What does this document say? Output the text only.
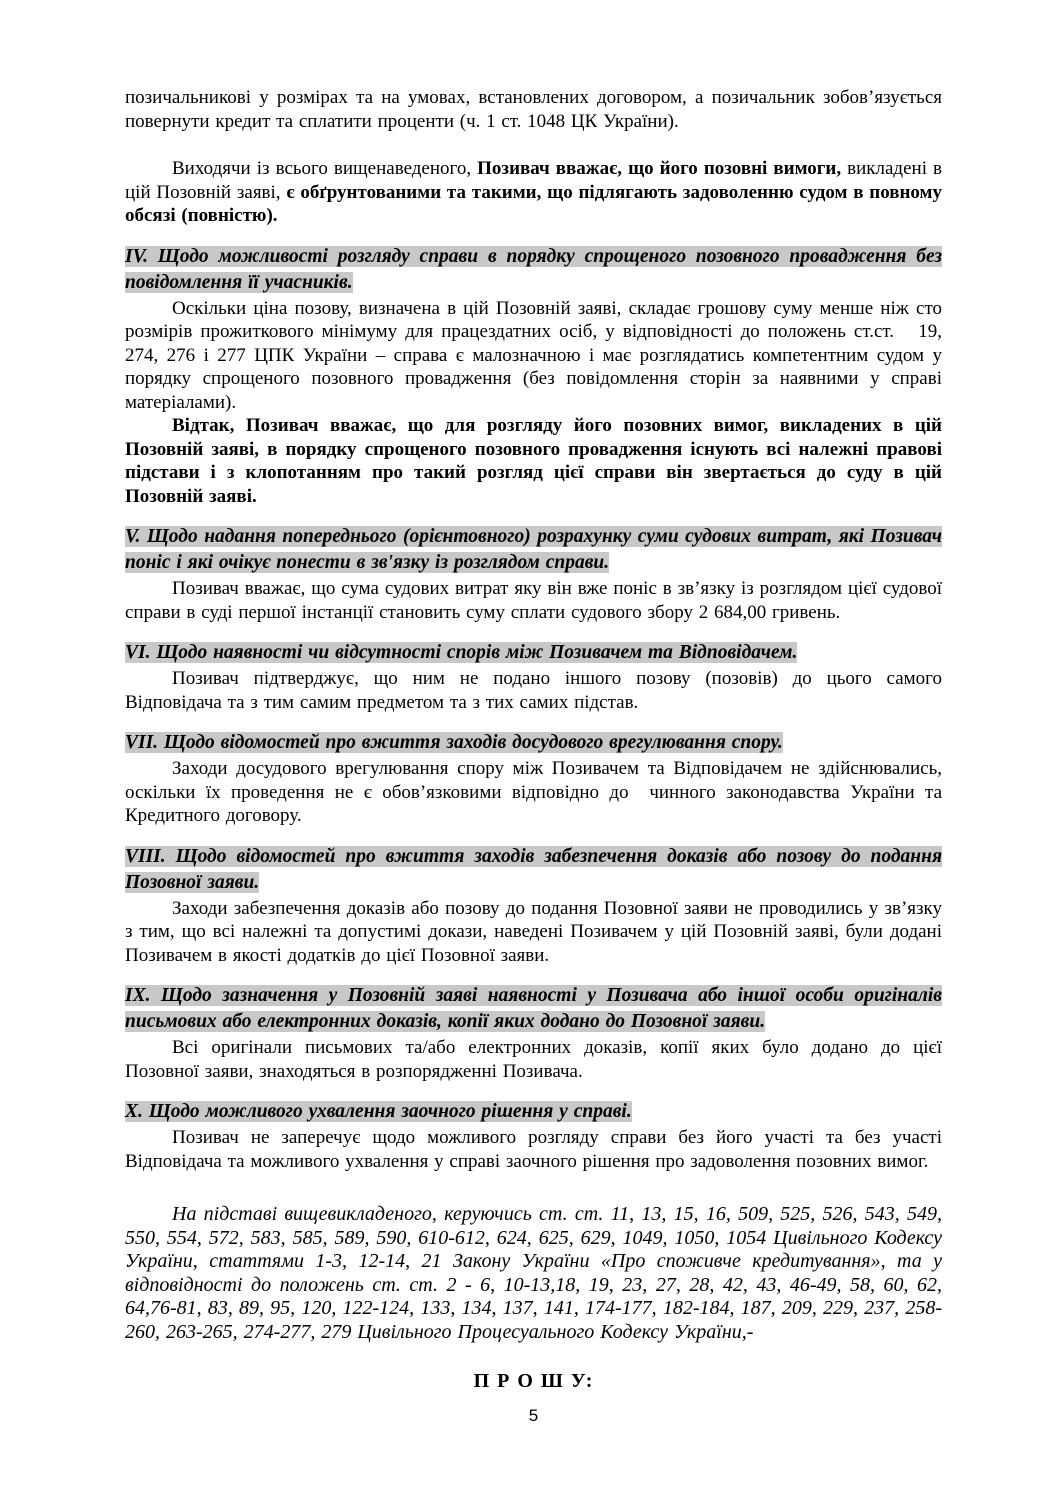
позичальникові у розмірах та на умовах, встановлених договором, а позичальник зобов’язується повернути кредит та сплатити проценти (ч. 1 ст. 1048 ЦК України).

Виходячи із всього вищенаведеного, Позивач вважає, що його позовні вимоги, викладені в цій Позовній заяві, є обґрунтованими та такими, що підлягають задоволенню судом в повному обсязі (повністю).

IV. Щодо можливості розгляду справи в порядку спрощеного позовного провадження без повідомлення її учасників.

Оскільки ціна позову, визначена в цій Позовній заяві, складає грошову суму менше ніж сто розмірів прожиткового мінімуму для працездатних осіб, у відповідності до положень ст.ст.   19, 274, 276 і 277 ЦПК України – справа є малозначною і має розглядатись компетентним судом у порядку спрощеного позовного провадження (без повідомлення сторін за наявними у справі матеріалами).

Відтак, Позивач вважає, що для розгляду його позовних вимог, викладених в цій Позовній заяві, в порядку спрощеного позовного провадження існують всі належні правові підстави і з клопотанням про такий розгляд цієї справи він звертається до суду в цій Позовній заяві.

V. Щодо надання попереднього (орієнтовного) розрахунку суми судових витрат, які Позивач поніс і які очікує понести в зв'язку із розглядом справи.

Позивач вважає, що сума судових витрат яку він вже поніс в зв’язку із розглядом цієї судової справи в суді першої інстанції становить суму сплати судового збору 2 684,00 гривень.

VI. Щодо наявності чи відсутності спорів між Позивачем та Відповідачем.

Позивач підтверджує, що ним не подано іншого позову (позовів) до цього самого Відповідача та з тим самим предметом та з тих самих підстав.

VII. Щодо відомостей про вжиття заходів досудового врегулювання спору.

Заходи досудового врегулювання спору між Позивачем та Відповідачем не здійснювались, оскільки їх проведення не є обов’язковими відповідно до  чинного законодавства України та Кредитного договору.

VIII. Щодо відомостей про вжиття заходів забезпечення доказів або позову до подання Позовної заяви.

Заходи забезпечення доказів або позову до подання Позовної заяви не проводились у зв’язку з тим, що всі належні та допустимі докази, наведені Позивачем у цій Позовній заяві, були додані Позивачем в якості додатків до цієї Позовної заяви.

IX. Щодо зазначення у Позовній заяві наявності у Позивача або іншої особи оригіналів письмових або електронних доказів, копії яких додано до Позовної заяви.

Всі оригінали письмових та/або електронних доказів, копії яких було додано до цієї Позовної заяви, знаходяться в розпорядженні Позивача.

X. Щодо можливого ухвалення заочного рішення у справі.

Позивач не заперечує щодо можливого розгляду справи без його участі та без участі Відповідача та можливого ухвалення у справі заочного рішення про задоволення позовних вимог.

На підставі вищевикладеного, керуючись ст. ст. 11, 13, 15, 16, 509, 525, 526, 543, 549, 550, 554, 572, 583, 585, 589, 590, 610-612, 624, 625, 629, 1049, 1050, 1054 Цивільного Кодексу України, статтями 1-3, 12-14, 21 Закону України «Про споживче кредитування», та у відповідності до положень ст. ст. 2 - 6, 10-13,18, 19, 23, 27, 28, 42, 43, 46-49, 58, 60, 62, 64,76-81, 83, 89, 95, 120, 122-124, 133, 134, 137, 141, 174-177, 182-184, 187, 209, 229, 237, 258-260, 263-265, 274-277, 279 Цивільного Процесуального Кодексу України,-

П Р О Ш У:

5
